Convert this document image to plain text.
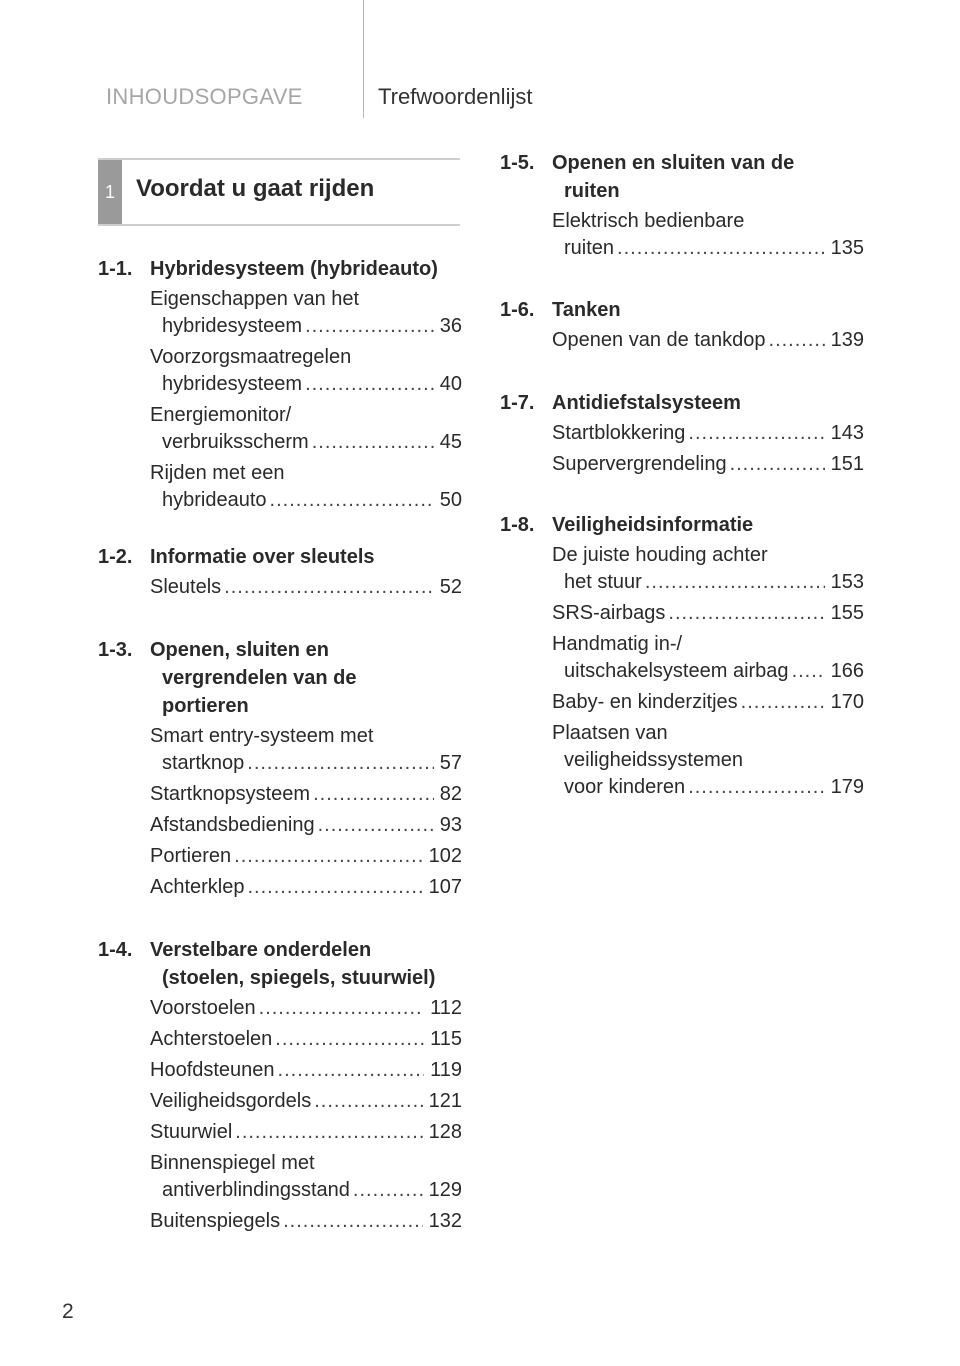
INHOUDSOPGAVE	Trefwoordenlijst
1 Voordat u gaat rijden
1-1. Hybridesysteem (hybrideauto)
Eigenschappen van het
hybridesysteem .....	36
Voorzorgsmaatregelen
hybridesysteem .....	40
Energiemonitor/
verbruiksscherm .....	45
Rijden met een
hybrideauto .....	50
1-2. Informatie over sleutels
Sleutels .....	52
1-3. Openen, sluiten en
vergrendelen van de
portieren
Smart entry-systeem met
startknop .....	57
Startknopsysteem .....	82
Afstandsbediening .....	93
Portieren .....	102
Achterklep .....	107
1-4. Verstelbare onderdelen
(stoelen, spiegels, stuurwiel)
Voorstoelen .....	112
Achterstoelen .....	115
Hoofdsteunen .....	119
Veiligheidsgordels .....	121
Stuurwiel .....	128
Binnenspiegel met
antiverblindingsstand .....	129
Buitenspiegels .....	132
1-5. Openen en sluiten van de
ruiten
Elektrisch bedienbare
ruiten .....	135
1-6. Tanken
Openen van de tankdop .....	139
1-7. Antidiefstalsysteem
Startblokkering .....	143
Supervergrendeling .....	151
1-8. Veiligheidsinformatie
De juiste houding achter
het stuur .....	153
SRS-airbags .....	155
Handmatig in-/
uitschakelsysteem airbag ..... 166
Baby- en kinderzitjes .....	170
Plaatsen van
veiligheidssystemen
voor kinderen .....	179
2
